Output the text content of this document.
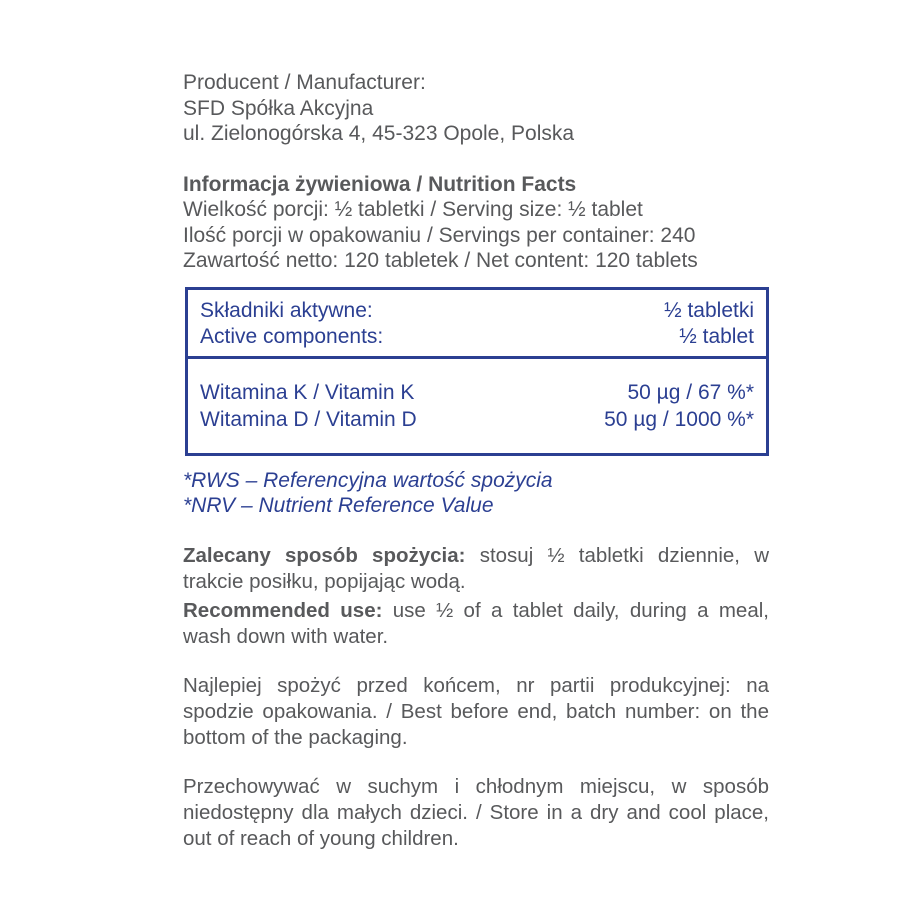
Producent / Manufacturer:
SFD Spółka Akcyjna
ul. Zielonogórska 4, 45-323 Opole, Polska
Informacja żywieniowa / Nutrition Facts
Wielkość porcji: ½ tabletki / Serving size: ½ tablet
Ilość porcji w opakowaniu / Servings per container: 240
Zawartość netto: 120 tabletek / Net content: 120 tablets
Składniki aktywne:	½ tabletki
Active components:	½ tablet
Witamina K / Vitamin K	50 µg / 67 %*
Witamina D / Vitamin D	50 µg / 1000 %*
*RWS – Referencyjna wartość spożycia
*NRV – Nutrient Reference Value
Zalecany sposób spożycia: stosuj ½ tabletki dziennie, w trakcie posiłku, popijając wodą.
Recommended use: use ½ of a tablet daily, during a meal, wash down with water.
Najlepiej spożyć przed końcem, nr partii produkcyjnej: na spodzie opakowania. / Best before end, batch number: on the bottom of the packaging.
Przechowywać w suchym i chłodnym miejscu, w sposób niedostępny dla małych dzieci. / Store in a dry and cool place, out of reach of young children.
